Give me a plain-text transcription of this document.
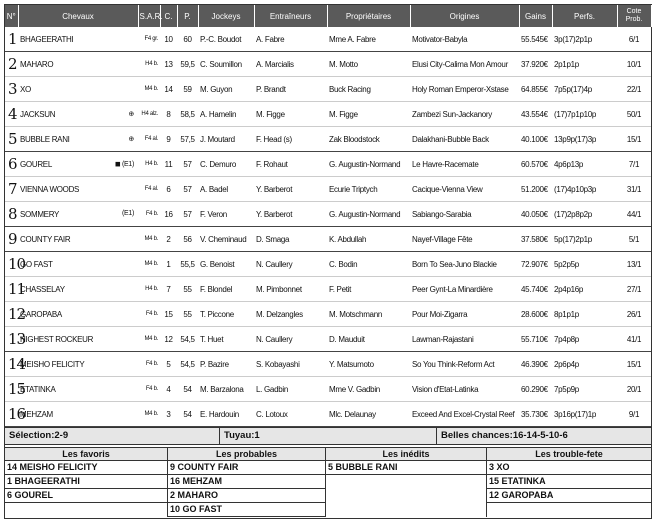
N°	Chevaux	S.A.R.	C.	P.	Jockeys	Entraîneurs	Propriétaires	Origines	Gains	Perfs.	Cote Prob.
1	BHAGEERATHI	F4 gr.	10	60	P.-C. Boudot	A. Fabre	Mme A. Fabre	Motivator-Babyla	55.545€	3p(17)2p1p	6/1
2	MAHARO	H4 b.	13	59,5	C. Soumillon	A. Marcialis	M. Motto	Elusi City-Calima Mon Amour	37.920€	2p1p1p	10/1
3	XO	M4 b.	14	59	M. Guyon	P. Brandt	Buck Racing	Holy Roman Emperor-Xstase	64.855€	7p5p(17)4p	22/1
4	JACKSUN ⊕	H4 alz.	8	58,5	A. Hamelin	M. Figge	M. Figge	Zambezi Sun-Jackanory	43.554€	(17)7p1p10p	50/1
5	BUBBLE RANI ⊕	F4 al.	9	57,5	J. Moutard	F. Head (s)	Zak Bloodstock	Dalakhani-Bubble Back	40.100€	13p9p(17)3p	15/1
6	GOUREL ◼ (E1)	H4 b.	11	57	C. Demuro	F. Rohaut	G. Augustin-Normand	Le Havre-Racemate	60.570€	4p6p13p	7/1
7	VIENNA WOODS	F4 al.	6	57	A. Badel	Y. Barberot	Ecurie Triptych	Cacique-Vienna View	51.200€	(17)4p10p3p	31/1
8	SOMMERY (E1)	F4 b.	16	57	F. Veron	Y. Barberot	G. Augustin-Normand	Sabiango-Sarabia	40.050€	(17)2p8p2p	44/1
9	COUNTY FAIR	M4 b.	2	56	V. Cheminaud	D. Smaga	K. Abdullah	Nayef-Village Fête	37.580€	5p(17)2p1p	5/1
10	GO FAST	M4 b.	1	55,5	G. Benoist	N. Caullery	C. Bodin	Born To Sea-Juno Blackie	72.907€	5p2p5p	13/1
11	CHASSELAY	H4 b.	7	55	F. Blondel	M. Pimbonnet	F. Petit	Peer Gynt-La Minardière	45.740€	2p4p16p	27/1
12	GAROPABA	F4 b.	15	55	T. Piccone	M. Delzangles	M. Motschmann	Pour Moi-Zigarra	28.600€	8p1p1p	26/1
13	HIGHEST ROCKEUR	M4 b.	12	54,5	T. Huet	N. Caullery	D. Mauduit	Lawman-Rajastani	55.710€	7p4p8p	41/1
14	MEISHO FELICITY	F4 b.	5	54,5	P. Bazire	S. Kobayashi	Y. Matsumoto	So You Think-Reform Act	46.390€	2p6p4p	15/1
15	ETATINKA	F4 b.	4	54	M. Barzalona	L. Gadbin	Mme V. Gadbin	Vision d'Etat-Latinka	60.290€	7p5p9p	20/1
16	MEHZAM	M4 b.	3	54	E. Hardouin	C. Lotoux	Mlc. Delaunay	Exceed And Excel-Crystal Reef	35.730€	3p16p(17)1p	9/1
Sélection:2-9	Tuyau:1	Belles chances:16-14-5-10-6
Les favoris
14 MEISHO FELICITY
1 BHAGEERATHI
6 GOUREL
Les probables
9 COUNTY FAIR
16 MEHZAM
2 MAHARO
10 GO FAST
Les inédits
5 BUBBLE RANI
Les trouble-fete
3 XO
15 ETATINKA
12 GAROPABA
